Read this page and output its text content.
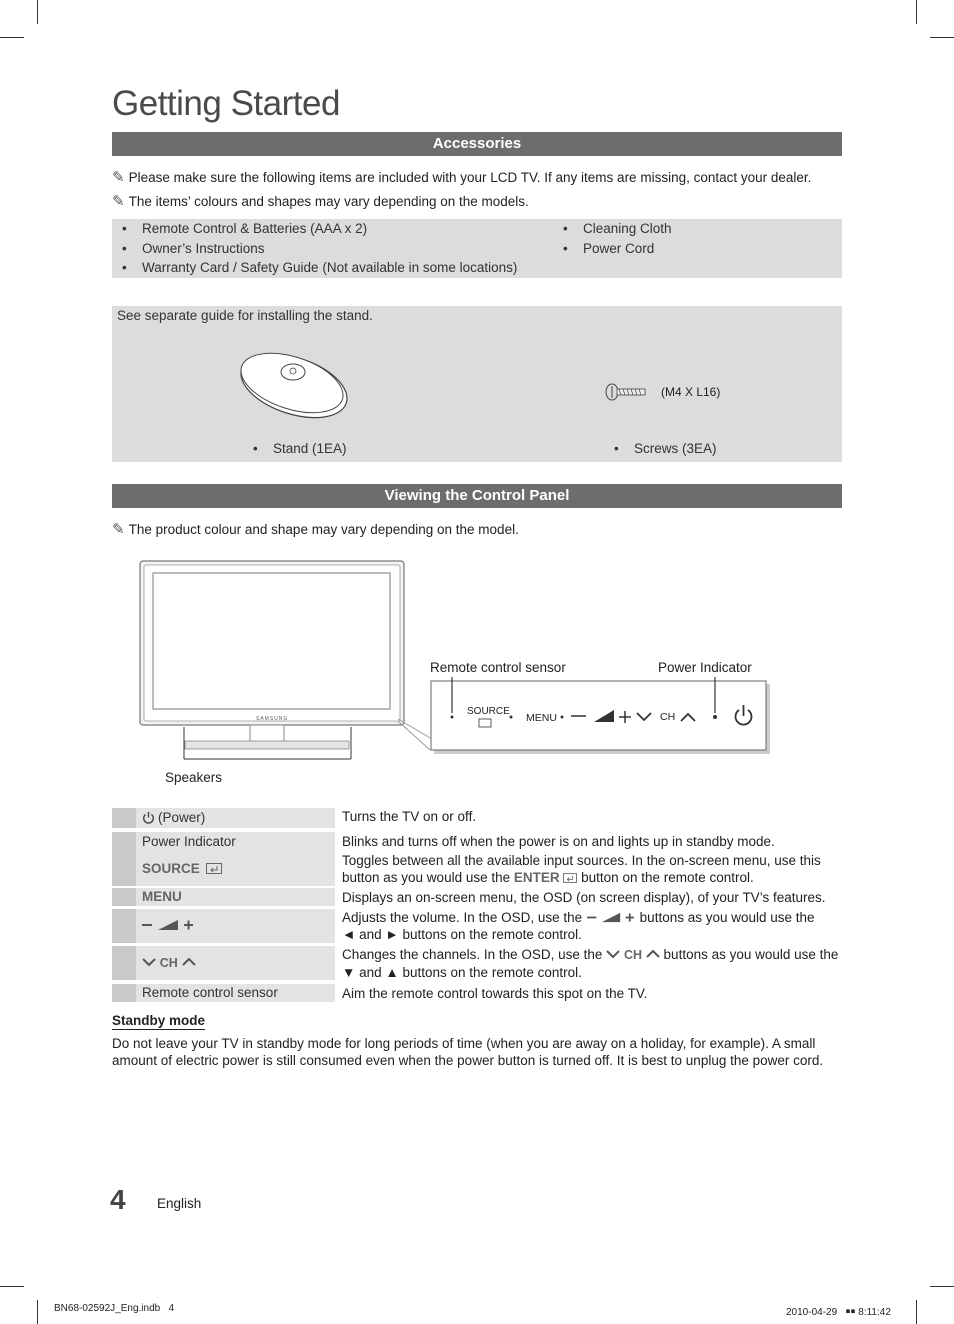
Getting Started
Accessories
✎ Please make sure the following items are included with your LCD TV. If any items are missing, contact your dealer.
✎ The items’ colours and shapes may vary depending on the models.
• Remote Control & Batteries (AAA x 2)
• Owner’s Instructions
• Warranty Card / Safety Guide (Not available in some locations)
• Cleaning Cloth
• Power Cord
See separate guide for installing the stand.
(M4 X L16)
• Stand (1EA)
•	Screws (3EA)
Viewing the Control Panel
✎ The product colour and shape may vary depending on the model.
SAMSUNG
Remote control sensor	Power Indicator
Speakers
SOURCE
MENU	CH
(Power)	Turns the TV on or off.
Power Indicator	Blinks and turns off when the power is on and lights up in standby mode.
SOURCE
Toggles between all the available input sources. In the on-screen menu, use this button as you would use the ENTER  button on the remote control.
MENU	Displays an on-screen menu, the OSD (on screen display), of your TV’s features.
Adjusts the volume. In the OSD, use the	buttons as you would use the
◄ and ► buttons on the remote control.
CH
Changes the channels. In the OSD, use the CH buttons as you would use the
▼ and ▲ buttons on the remote control.
Remote control sensor	Aim the remote control towards this spot on the TV.
Standby mode
Do not leave your TV in standby mode for long periods of time (when you are away on a holiday, for example). A small amount of electric power is still consumed even when the power button is turned off. It is best to unplug the power cord.
4 English
BN68-02592J_Eng.indb   4	2010-04-29   ￭￭ 8:11:42
